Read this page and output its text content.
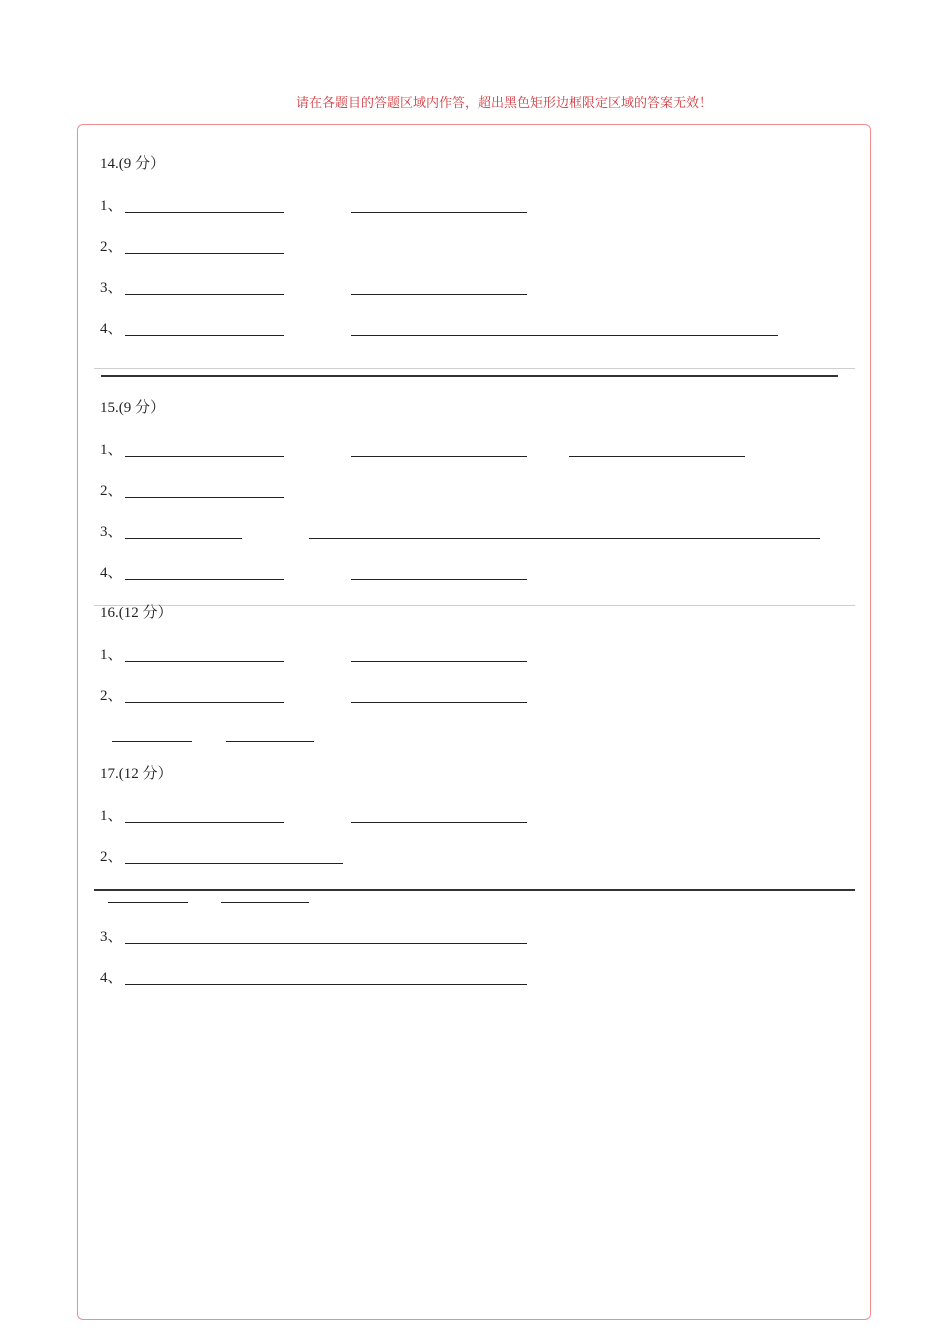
请在各题目的答题区域内作答，超出黑色矩形边框限定区域的答案无效！
14.(9 分）
1、
2、
3、
4、
15.(9 分）
1、
2、
3、
4、
16.(12 分）
1、
2、
17.(12 分）
1、
2、
3、
4、
